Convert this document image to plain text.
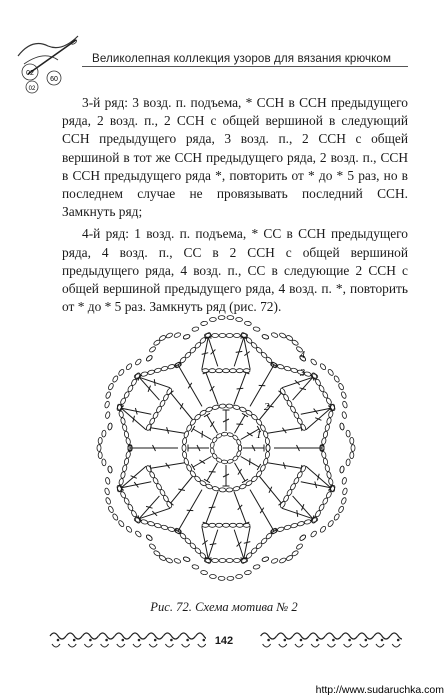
02
60
02
Великолепная коллекция узоров для вязания крючком

3-й ряд: 3 возд. п. подъема, * ССН в ССН предыдущего ряда, 2 возд. п., 2 ССН с общей вершиной в следующий ССН предыдущего ряда, 3 возд. п., 2 ССН с общей вершиной в тот же ССН предыдущего ряда, 2 возд. п., ССН в ССН предыдущего ряда *, повторить от * до * 5 раз, но в последнем случае не провязывать последний ССН. Замкнуть ряд;

4-й ряд: 1 возд. п. подъема, * СС в ССН предыдущего ряда, 4 возд. п., СС в 2 ССН с общей вершиной предыдущего ряда, 4 возд. п., СС в следующие 2 ССН с общей вершиной предыдущего ряда, 4 возд. п. *, повторить от * до * 5 раз. Замкнуть ряд (рис. 72).

1
2
3
4
Рис. 72. Схема мотива № 2
142
http://www.sudaruchka.com
